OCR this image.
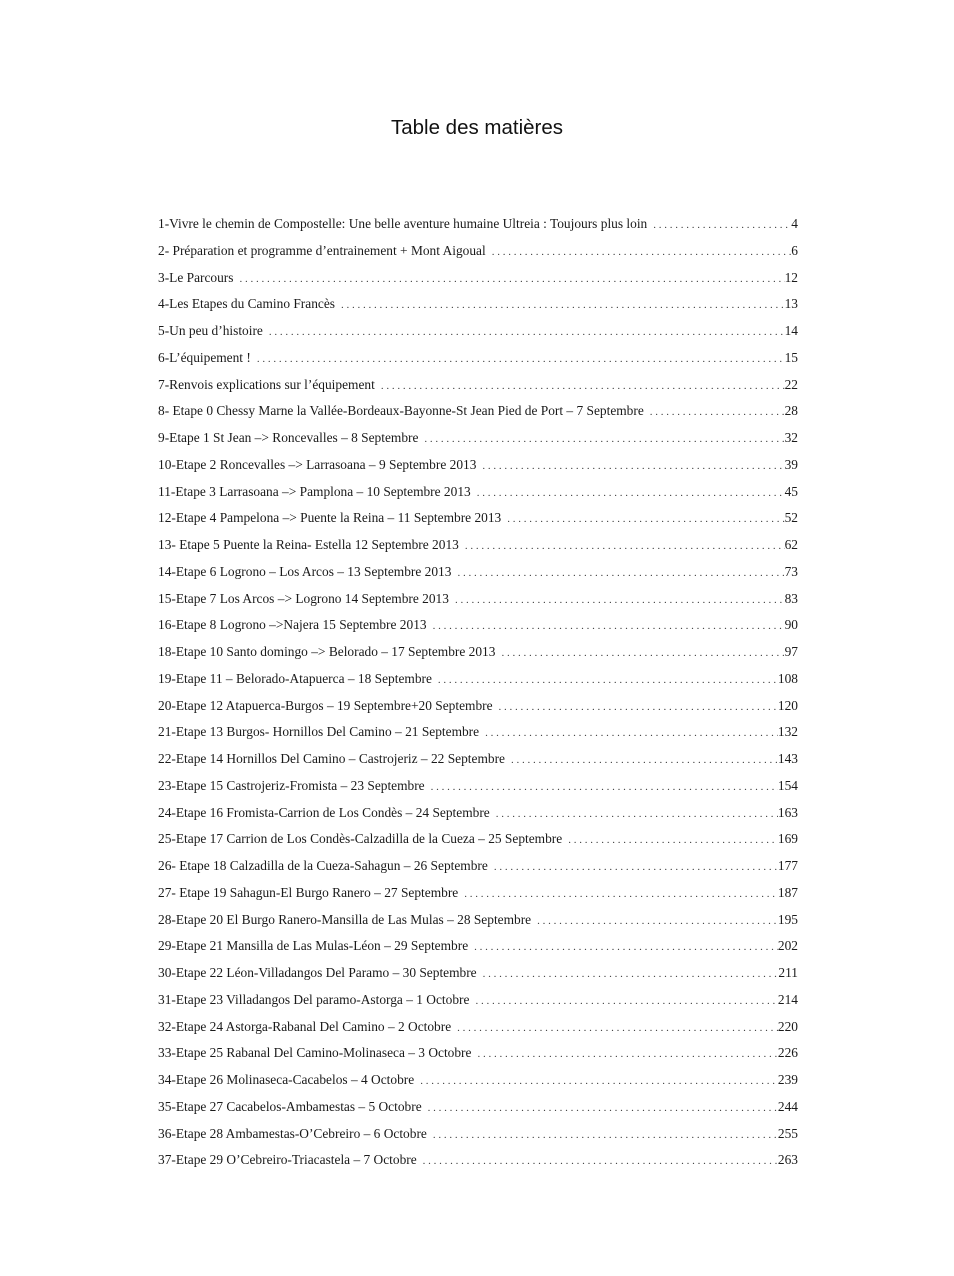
Table des matières
1-Vivre le chemin de Compostelle: Une belle aventure humaine Ultreia : Toujours plus loin . . .	4
2- Préparation et programme d’entrainement + Mont Aigoual . . .	6
3-Le Parcours . . .	12
4-Les Etapes du Camino Francès . . .	13
5-Un peu d’histoire . . .	14
6-L’équipement ! . . .	15
7-Renvois explications sur l’équipement . . .	22
8- Etape 0 Chessy Marne la Vallée-Bordeaux-Bayonne-St Jean Pied de Port – 7 Septembre . . .	28
9-Etape 1 St Jean –> Roncevalles – 8 Septembre . . .	32
10-Etape 2 Roncevalles –> Larrasoana – 9 Septembre 2013 . . .	39
11-Etape 3 Larrasoana –> Pamplona – 10 Septembre 2013 . . .	45
12-Etape 4 Pampelona –> Puente la Reina – 11 Septembre 2013 . . .	52
13- Etape 5 Puente la Reina- Estella 12 Septembre 2013 . . .	62
14-Etape 6 Logrono – Los Arcos – 13 Septembre 2013 . . .	73
15-Etape 7 Los Arcos –> Logrono 14 Septembre 2013 . . .	83
16-Etape 8 Logrono –>Najera 15 Septembre 2013 . . .	90
18-Etape 10 Santo domingo –> Belorado – 17 Septembre 2013 . . .	97
19-Etape 11 – Belorado-Atapuerca – 18 Septembre . . .	108
20-Etape 12 Atapuerca-Burgos – 19 Septembre+20 Septembre . . .	120
21-Etape 13 Burgos- Hornillos Del Camino – 21 Septembre . . .	132
22-Etape 14 Hornillos Del Camino – Castrojeriz – 22 Septembre . . .	143
23-Etape 15 Castrojeriz-Fromista – 23 Septembre . . .	154
24-Etape 16 Fromista-Carrion de Los Condès – 24 Septembre . . .	163
25-Etape 17 Carrion de Los Condès-Calzadilla de la Cueza – 25 Septembre . . .	169
26- Etape 18 Calzadilla de la Cueza-Sahagun – 26 Septembre . . .	177
27- Etape 19 Sahagun-El Burgo Ranero – 27 Septembre . . .	187
28-Etape 20 El Burgo Ranero-Mansilla de Las Mulas – 28 Septembre . . .	195
29-Etape 21 Mansilla de Las Mulas-Léon – 29 Septembre . . .	202
30-Etape 22 Léon-Villadangos Del Paramo – 30 Septembre . . .	211
31-Etape 23 Villadangos Del paramo-Astorga – 1 Octobre . . .	214
32-Etape 24 Astorga-Rabanal Del Camino – 2 Octobre . . .	220
33-Etape 25 Rabanal Del Camino-Molinaseca – 3 Octobre . . .	226
34-Etape 26 Molinaseca-Cacabelos – 4 Octobre . . .	239
35-Etape 27 Cacabelos-Ambamestas – 5 Octobre . . .	244
36-Etape 28 Ambamestas-O’Cebreiro – 6 Octobre . . .	255
37-Etape 29 O’Cebreiro-Triacastela – 7 Octobre . . .	263
